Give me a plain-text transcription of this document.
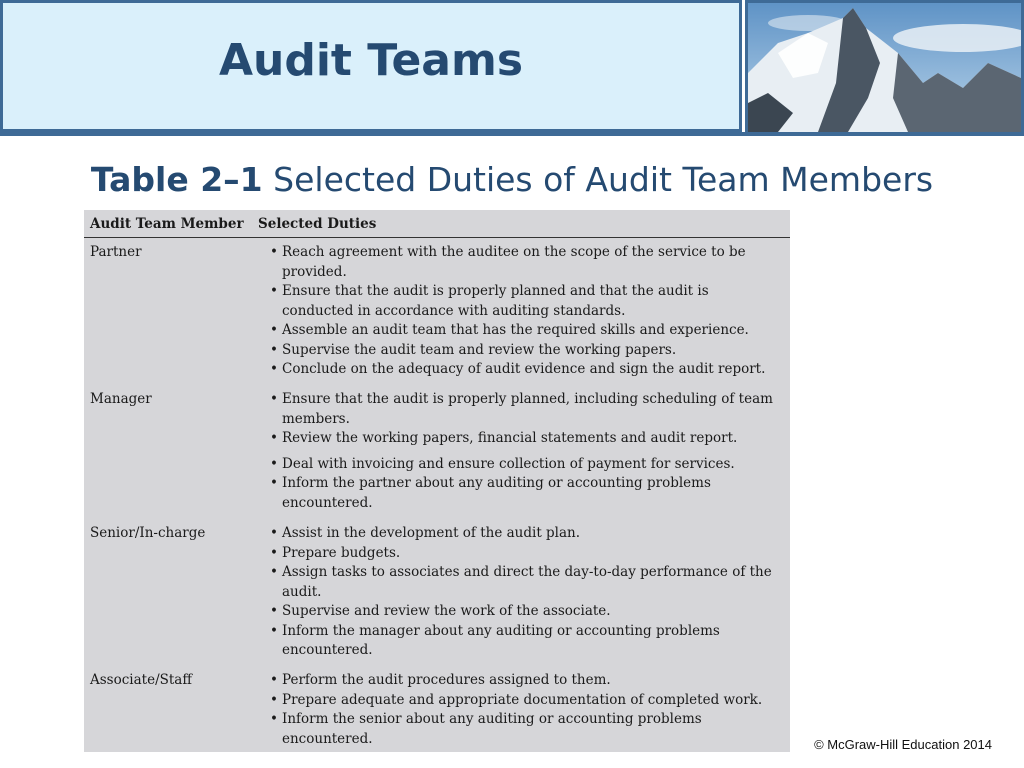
Audit Teams
Table 2–1 Selected Duties of Audit Team Members
Audit Team Member	Selected Duties
Partner	• Reach agreement with the auditee on the scope of the service to be provided.
• Ensure that the audit is properly planned and that the audit is conducted in accordance with auditing standards.
• Assemble an audit team that has the required skills and experience.
• Supervise the audit team and review the working papers.
• Conclude on the adequacy of audit evidence and sign the audit report.
Manager	• Ensure that the audit is properly planned, including scheduling of team members.
• Review the working papers, financial statements and audit report.
• Deal with invoicing and ensure collection of payment for services.
• Inform the partner about any auditing or accounting problems encountered.
Senior/In-charge	• Assist in the development of the audit plan.
• Prepare budgets.
• Assign tasks to associates and direct the day-to-day performance of the audit.
• Supervise and review the work of the associate.
• Inform the manager about any auditing or accounting problems encountered.
Associate/Staff	• Perform the audit procedures assigned to them.
• Prepare adequate and appropriate documentation of completed work.
• Inform the senior about any auditing or accounting problems encountered.	© McGraw-Hill Education 2014
